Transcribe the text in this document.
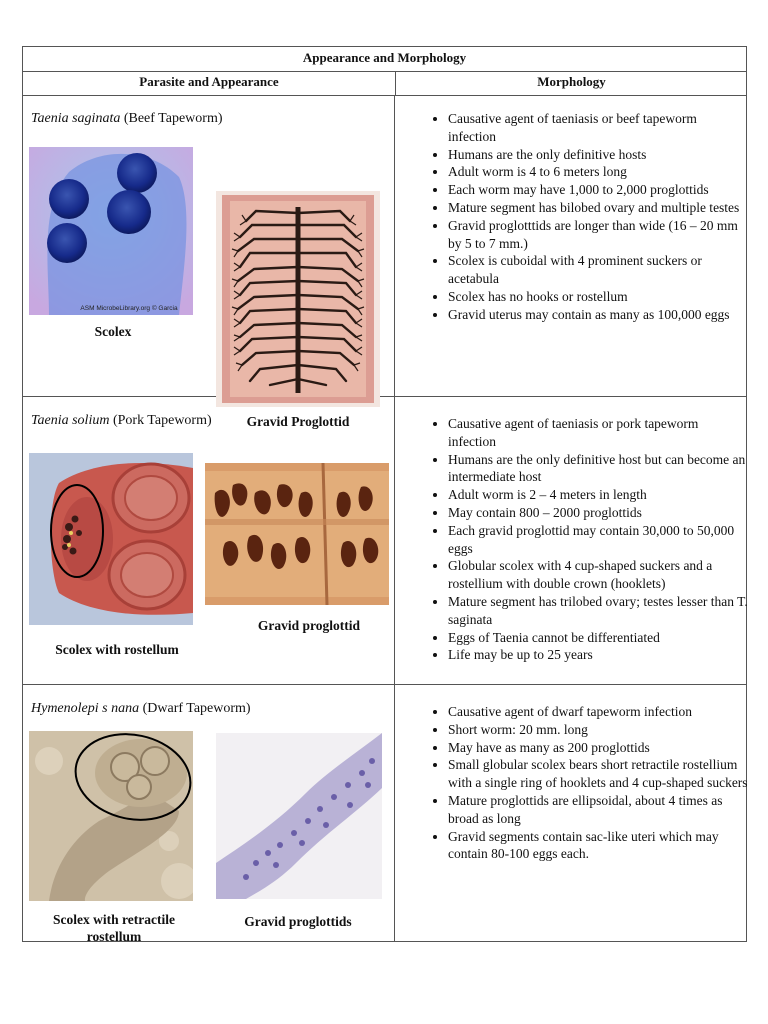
Appearance and Morphology
Parasite and Appearance	Morphology
Taenia saginata (Beef Tapeworm)
ASM MicrobeLibrary.org © Garcia
Scolex
Gravid Proglottid
• Causative agent of taeniasis or beef tapeworm infection
• Humans are the only definitive hosts
• Adult worm is 4 to 6 meters long
• Each worm may have 1,000 to 2,000 proglottids
• Mature segment has bilobed ovary and multiple testes
• Gravid proglotttids are longer than wide (16 – 20 mm by 5 to 7 mm.)
• Scolex is cuboidal with 4 prominent suckers or acetabula
• Scolex has no hooks or rostellum
• Gravid uterus may contain as many as 100,000 eggs
Taenia solium (Pork Tapeworm)
Scolex with rostellum
Gravid proglottid
• Causative agent of taeniasis or pork tapeworm infection
• Humans are the only definitive host but can become an intermediate host
• Adult worm is 2 – 4 meters in length
• May contain 800 – 2000 proglottids
• Each gravid proglottid may contain 30,000 to 50,000 eggs
• Globular scolex with 4 cup-shaped suckers and a rostellium with double crown (hooklets)
• Mature segment has trilobed ovary; testes lesser than T. saginata
• Eggs of Taenia cannot be differentiated
• Life may be up to 25 years
Hymenolepi s nana (Dwarf Tapeworm)
Scolex with retractile rostellum
Gravid proglottids
• Causative agent of dwarf tapeworm infection
• Short worm: 20 mm. long
• May have as many as 200 proglottids
• Small globular scolex bears short retractile rostellium with a single ring of hooklets and 4 cup-shaped suckers
• Mature proglottids are ellipsoidal, about 4 times as broad as long
• Gravid segments contain sac-like uteri which may contain 80-100 eggs each.
